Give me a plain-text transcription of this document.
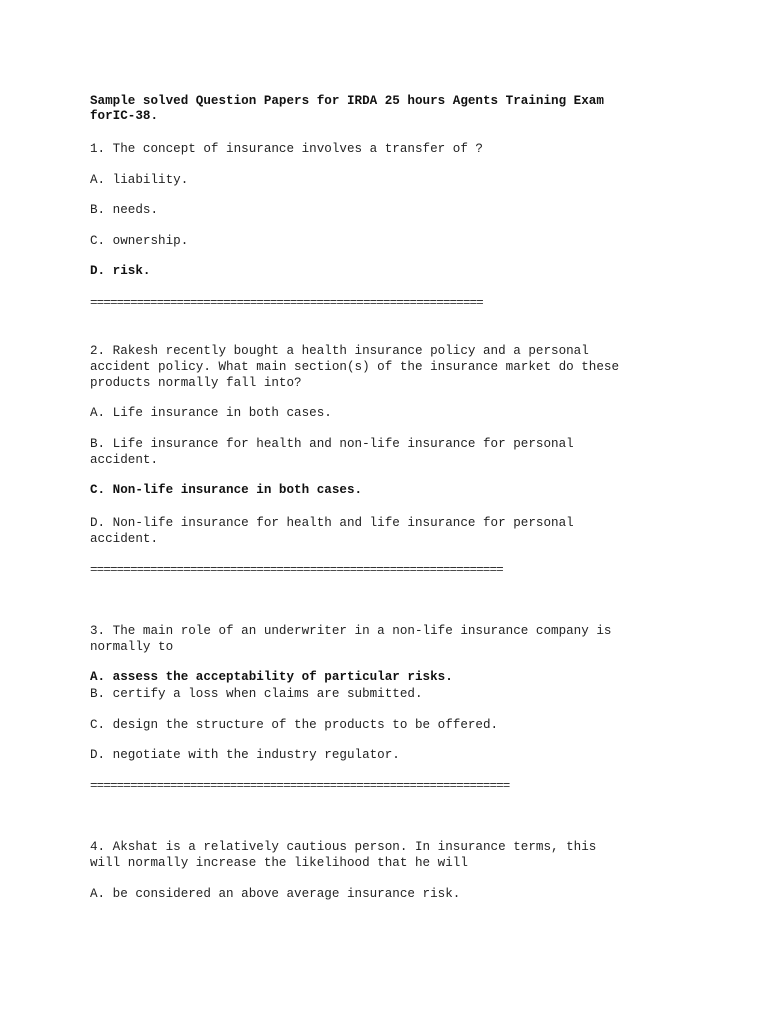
Sample solved Question Papers for IRDA 25 hours Agents Training Exam

forIC-38.

1. The concept of insurance involves a transfer of ?

A. liability.

B. needs.

C. ownership.

D. risk.

===========================================================

2. Rakesh recently bought a health insurance policy and a personal

accident policy. What main section(s) of the insurance market do these

products normally fall into?

A. Life insurance in both cases.

B. Life insurance for health and non-life insurance for personal

accident.

C. Non-life insurance in both cases.

D. Non-life insurance for health and life insurance for personal

accident.

==============================================================

3. The main role of an underwriter in a non-life insurance company is

normally to

A. assess the acceptability of particular risks.

B. certify a loss when claims are submitted.

C. design the structure of the products to be offered.

D. negotiate with the industry regulator.

===============================================================

4. Akshat is a relatively cautious person. In insurance terms, this

will normally increase the likelihood that he will

A. be considered an above average insurance risk.
